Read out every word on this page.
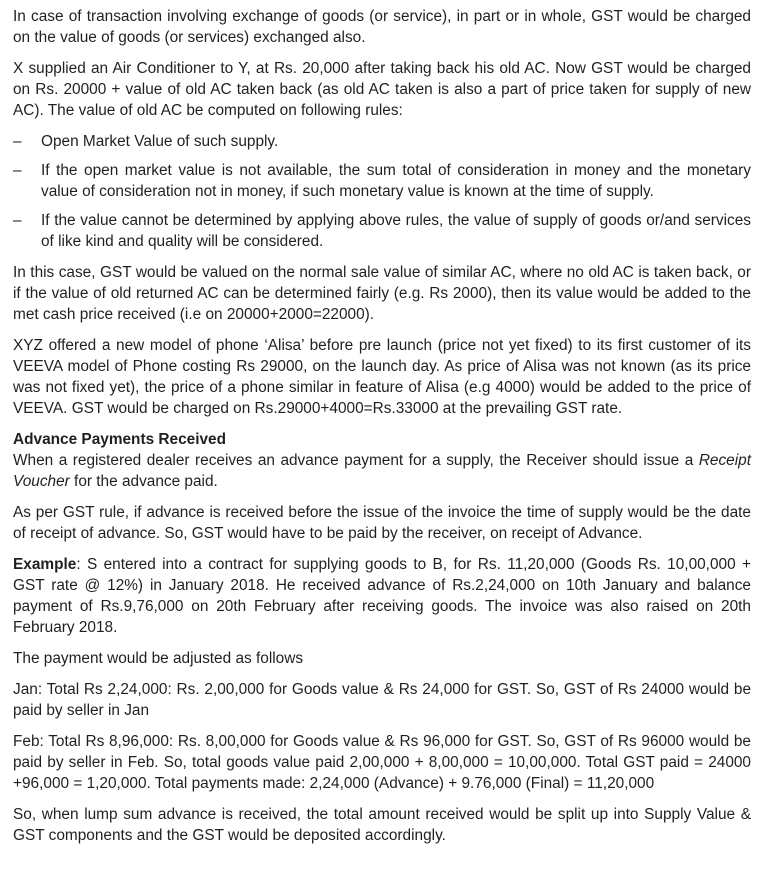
In case of transaction involving exchange of goods (or service), in part or in whole, GST would be charged on the value of goods (or services) exchanged also.

X supplied an Air Conditioner to Y, at Rs. 20,000 after taking back his old AC. Now GST would be charged on Rs. 20000 + value of old AC taken back (as old AC taken is also a part of price taken for supply of new AC). The value of old AC be computed on following rules:

– Open Market Value of such supply.
– If the open market value is not available, the sum total of consideration in money and the monetary value of consideration not in money, if such monetary value is known at the time of supply.
– If the value cannot be determined by applying above rules, the value of supply of goods or/and services of like kind and quality will be considered.

In this case, GST would be valued on the normal sale value of similar AC, where no old AC is taken back, or if the value of old returned AC can be determined fairly (e.g. Rs 2000), then its value would be added to the met cash price received (i.e on 20000+2000=22000).

XYZ offered a new model of phone ‘Alisa’ before pre launch (price not yet fixed) to its first customer of its VEEVA model of Phone costing Rs 29000, on the launch day. As price of Alisa was not known (as its price was not fixed yet), the price of a phone similar in feature of Alisa (e.g 4000) would be added to the price of VEEVA. GST would be charged on Rs.29000+4000=Rs.33000 at the prevailing GST rate.

Advance Payments Received

When a registered dealer receives an advance payment for a supply, the Receiver should issue a Receipt Voucher for the advance paid.

As per GST rule, if advance is received before the issue of the invoice the time of supply would be the date of receipt of advance. So, GST would have to be paid by the receiver, on receipt of Advance.

Example: S entered into a contract for supplying goods to B, for Rs. 11,20,000 (Goods Rs. 10,00,000 + GST rate @ 12%) in January 2018. He received advance of Rs.2,24,000 on 10th January and balance payment of Rs.9,76,000 on 20th February after receiving goods. The invoice was also raised on 20th February 2018.

The payment would be adjusted as follows

Jan: Total Rs 2,24,000: Rs. 2,00,000 for Goods value & Rs 24,000 for GST. So, GST of Rs 24000 would be paid by seller in Jan

Feb: Total Rs 8,96,000: Rs. 8,00,000 for Goods value & Rs 96,000 for GST. So, GST of Rs 96000 would be paid by seller in Feb. So, total goods value paid 2,00,000 + 8,00,000 = 10,00,000. Total GST paid = 24000 +96,000 = 1,20,000. Total payments made: 2,24,000 (Advance) + 9.76,000 (Final) = 11,20,000

So, when lump sum advance is received, the total amount received would be split up into Supply Value & GST components and the GST would be deposited accordingly.
